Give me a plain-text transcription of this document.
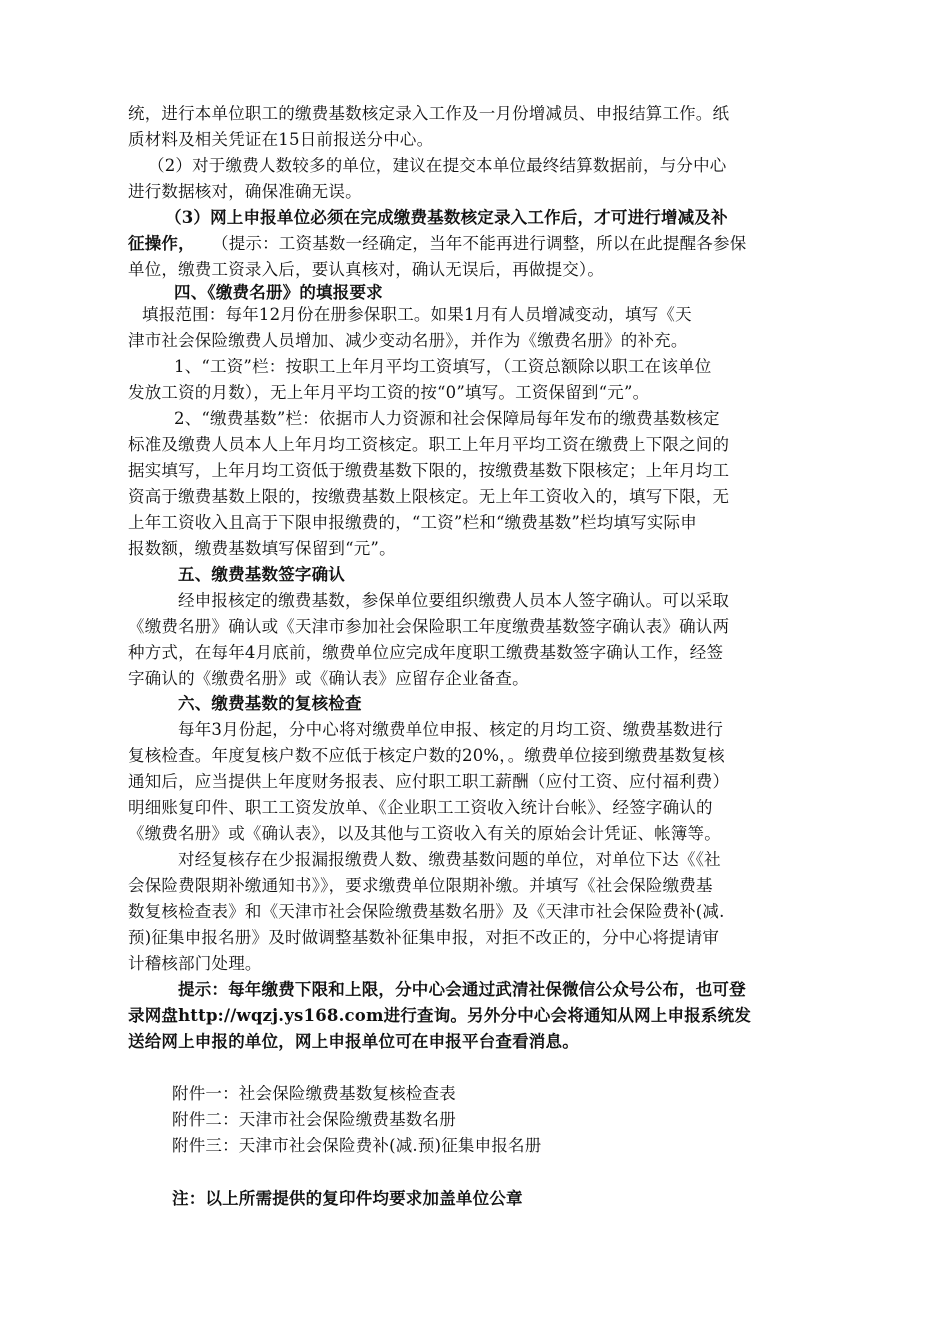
统，进行本单位职工的缴费基数核定录入工作及一月份增减员、申报结算工作。纸
质材料及相关凭证在15日前报送分中心。
（2）对于缴费人数较多的单位，建议在提交本单位最终结算数据前，与分中心
进行数据核对，确保准确无误。
（3）网上申报单位必须在完成缴费基数核定录入工作后，才可进行增减及补
征操作， （提示：工资基数一经确定，当年不能再进行调整，所以在此提醒各参保
单位，缴费工资录入后，要认真核对，确认无误后，再做提交）。
四、《缴费名册》的填报要求
填报范围：每年12月份在册参保职工。如果1月有人员增减变动，填写《天
津市社会保险缴费人员增加、减少变动名册》，并作为《缴费名册》的补充。
1、“工资”栏：按职工上年月平均工资填写，（工资总额除以职工在该单位
发放工资的月数），无上年月平均工资的按“0”填写。工资保留到“元”。
2、“缴费基数”栏：依据市人力资源和社会保障局每年发布的缴费基数核定
标准及缴费人员本人上年月均工资核定。职工上年月平均工资在缴费上下限之间的
据实填写，上年月均工资低于缴费基数下限的，按缴费基数下限核定；上年月均工
资高于缴费基数上限的，按缴费基数上限核定。无上年工资收入的，填写下限，无
上年工资收入且高于下限申报缴费的，“工资”栏和“缴费基数”栏均填写实际申
报数额，缴费基数填写保留到“元”。
五、缴费基数签字确认
经申报核定的缴费基数，参保单位要组织缴费人员本人签字确认。可以采取
《缴费名册》确认或《天津市参加社会保险职工年度缴费基数签字确认表》确认两
种方式，在每年4月底前，缴费单位应完成年度职工缴费基数签字确认工作，经签
字确认的《缴费名册》或《确认表》应留存企业备查。
六、缴费基数的复核检查
每年3月份起，分中心将对缴费单位申报、核定的月均工资、缴费基数进行
复核检查。年度复核户数不应低于核定户数的20%，。缴费单位接到缴费基数复核
通知后，应当提供上年度财务报表、应付职工职工薪酬（应付工资、应付福利费）
明细账复印件、职工工资发放单、《企业职工工资收入统计台帐》、经签字确认的
《缴费名册》或《确认表》，以及其他与工资收入有关的原始会计凭证、帐簿等。
对经复核存在少报漏报缴费人数、缴费基数问题的单位，对单位下达《《社
会保险费限期补缴通知书》》，要求缴费单位限期补缴。并填写《社会保险缴费基
数复核检查表》和《天津市社会保险缴费基数名册》及《天津市社会保险费补(减.
预)征集申报名册》及时做调整基数补征集申报，对拒不改正的，分中心将提请审
计稽核部门处理。
提示：每年缴费下限和上限，分中心会通过武清社保微信公众号公布，也可登
录网盘http://wqzj.ys168.com进行查询。另外分中心会将通知从网上申报系统发
送给网上申报的单位，网上申报单位可在申报平台查看消息。
附件一：社会保险缴费基数复核检查表
附件二：天津市社会保险缴费基数名册
附件三：天津市社会保险费补(减.预)征集申报名册
注：以上所需提供的复印件均要求加盖单位公章
